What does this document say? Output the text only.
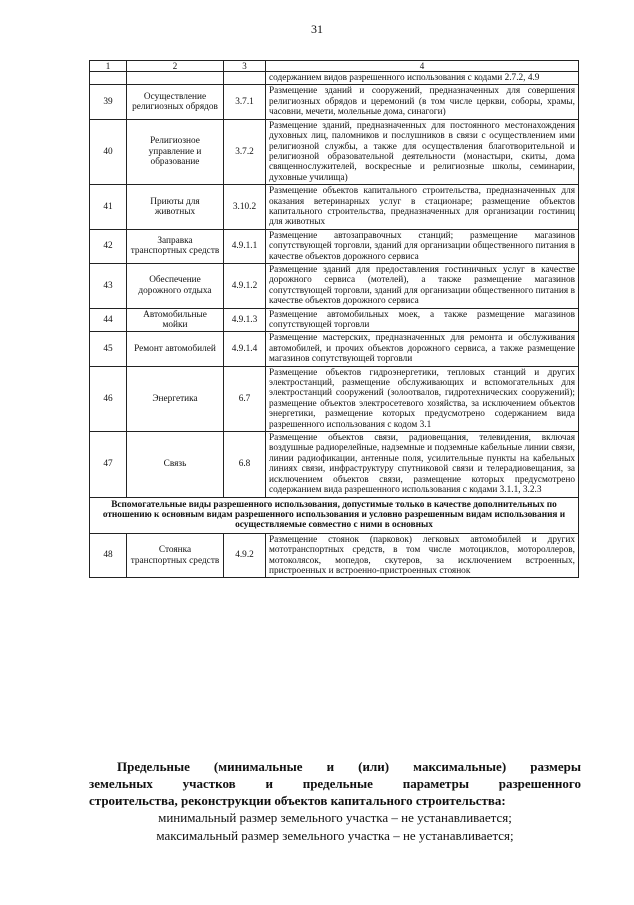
31
1	2	3	4
			содержанием видов разрешенного использования с кодами 2.7.2, 4.9
39	Осуществление религиозных обрядов	3.7.1	Размещение зданий и сооружений, предназначенных для совершения религиозных обрядов и церемоний (в том числе церкви, соборы, храмы, часовни, мечети, молельные дома, синагоги)
40	Религиозное управление и образование	3.7.2	Размещение зданий, предназначенных для постоянного местонахождения духовных лиц, паломников и послушников в связи с осуществлением ими религиозной службы, а также для осуществления благотворительной и религиозной образовательной деятельности (монастыри, скиты, дома священнослужителей, воскресные и религиозные школы, семинарии, духовные училища)
41	Приюты для животных	3.10.2	Размещение объектов капитального строительства, предназначенных для оказания ветеринарных услуг в стационаре; размещение объектов капитального строительства, предназначенных для организации гостиниц для животных
42	Заправка транспортных средств	4.9.1.1	Размещение автозаправочных станций; размещение магазинов сопутствующей торговли, зданий для организации общественного питания в качестве объектов дорожного сервиса
43	Обеспечение дорожного отдыха	4.9.1.2	Размещение зданий для предоставления гостиничных услуг в качестве дорожного сервиса (мотелей), а также размещение магазинов сопутствующей торговли, зданий для организации общественного питания в качестве объектов дорожного сервиса
44	Автомобильные мойки	4.9.1.3	Размещение автомобильных моек, а также размещение магазинов сопутствующей торговли
45	Ремонт автомобилей	4.9.1.4	Размещение мастерских, предназначенных для ремонта и обслуживания автомобилей, и прочих объектов дорожного сервиса, а также размещение магазинов сопутствующей торговли
46	Энергетика	6.7	Размещение объектов гидроэнергетики, тепловых станций и других электростанций, размещение обслуживающих и вспомогательных для электростанций сооружений (золоотвалов, гидротехнических сооружений); размещение объектов электросетевого хозяйства, за исключением объектов энергетики, размещение которых предусмотрено содержанием вида разрешенного использования с кодом 3.1
47	Связь	6.8	Размещение объектов связи, радиовещания, телевидения, включая воздушные радиорелейные, надземные и подземные кабельные линии связи, линии радиофикации, антенные поля, усилительные пункты на кабельных линиях связи, инфраструктуру спутниковой связи и телерадиовещания, за исключением объектов связи, размещение которых предусмотрено содержанием вида разрешенного использования с кодами 3.1.1, 3.2.3
Вспомогательные виды разрешенного использования, допустимые только в качестве дополнительных по отношению к основным видам разрешенного использования и условно разрешенным видам использования и осуществляемые совместно с ними в основных			
48	Стоянка транспортных средств	4.9.2	Размещение стоянок (парковок) легковых автомобилей и других мототранспортных средств, в том числе мотоциклов, мотороллеров, мотоколясок, мопедов, скутеров, за исключением встроенных, пристроенных и встроенно-пристроенных стоянок
Предельные (минимальные и (или) максимальные) размеры
земельных участков и предельные параметры разрешенного
строительства, реконструкции объектов капитального строительства:
минимальный размер земельного участка – не устанавливается;
максимальный размер земельного участка – не устанавливается;
